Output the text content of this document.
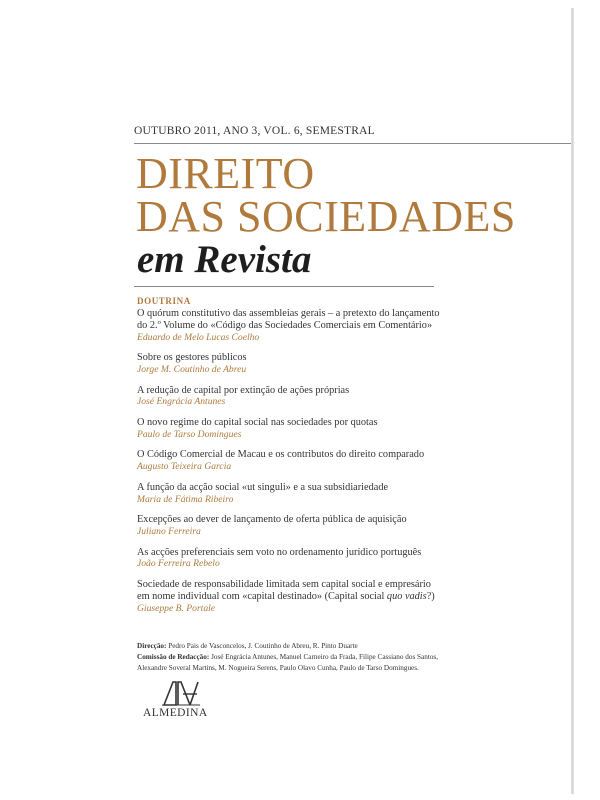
OUTUBRO 2011, ANO 3, VOL. 6, SEMESTRAL
DIREITO
DAS SOCIEDADES
em Revista
DOUTRINA
O quórum constitutivo das assembleias gerais – a pretexto do lançamento
do 2.º Volume do «Código das Sociedades Comerciais em Comentário»
Eduardo de Melo Lucas Coelho
Sobre os gestores públicos
Jorge M. Coutinho de Abreu
A redução de capital por extinção de ações próprias
José Engrácia Antunes
O novo regime do capital social nas sociedades por quotas
Paulo de Tarso Domingues
O Código Comercial de Macau e os contributos do direito comparado
Augusto Teixeira Garcia
A função da acção social «ut singuli» e a sua subsidiariedade
Maria de Fátima Ribeiro
Excepções ao dever de lançamento de oferta pública de aquisição
Juliano Ferreira
As acções preferenciais sem voto no ordenamento jurídico português
João Ferreira Rebelo
Sociedade de responsabilidade limitada sem capital social e empresário
em nome individual com «capital destinado» (Capital social quo vadis?)
Giuseppe B. Portale
Direcção: Pedro Pais de Vasconcelos, J. Coutinho de Abreu, R. Pinto Duarte
Comissão de Redacção: José Engrácia Antunes, Manuel Carneiro da Frada, Filipe Cassiano dos Santos,
Alexandre Soveral Martins, M. Nogueira Serens, Paulo Olavo Cunha, Paulo de Tarso Domingues.
ALMEDINA
